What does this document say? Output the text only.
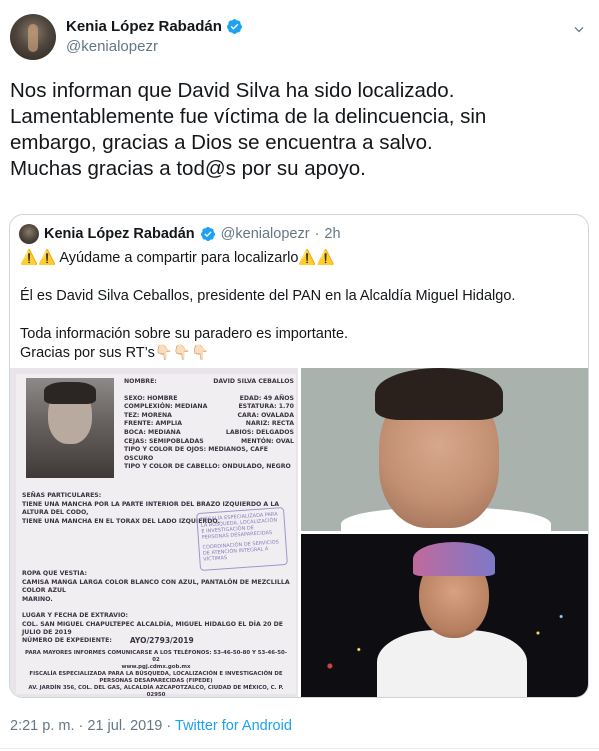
Kenia López Rabadán
@kenialopezr

Nos informan que David Silva ha sido localizado.

Lamentablemente fue víctima de la delincuencia, sin

embargo, gracias a Dios se encuentra a salvo.

Muchas gracias a tod@s por su apoyo.

Kenia López Rabadán @kenialopezr · 2h

⚠️⚠️ Ayúdame a compartir para localizarlo⚠️⚠️

Él es David Silva Ceballos, presidente del PAN en la Alcaldía Miguel Hidalgo.

Toda información sobre su paradero es importante.

Gracias por sus RT’s👇🏻👇🏻👇🏻

NOMBRE:	DAVID SILVA CEBALLOS
SEXO: HOMBRE	EDAD: 49 AÑOS
COMPLEXIÓN: MEDIANA	ESTATURA: 1.70
TEZ: MORENA	CARA: OVALADA
FRENTE: AMPLIA	NARIZ: RECTA
BOCA: MEDIANA	LABIOS: DELGADOS
CEJAS: SEMIPOBLADAS	MENTÓN: OVAL
TIPO Y COLOR DE OJOS: MEDIANOS, CAFE OSCURO
TIPO Y COLOR DE CABELLO: ONDULADO, NEGRO
SEÑAS PARTICULARES:
TIENE UNA MANCHA POR LA PARTE INTERIOR DEL BRAZO IZQUIERDO A LA ALTURA DEL CODO,
TIENE UNA MANCHA EN EL TORAX DEL LADO IZQUIERDO.
FISCALÍA ESPECIALIZADA PARA LA BÚSQUEDA, LOCALIZACIÓN E INVESTIGACIÓN DE PERSONAS DESAPARECIDAS
COORDINACIÓN DE SERVICIOS DE ATENCIÓN INTEGRAL A VÍCTIMAS
ROPA QUE VESTIA:
CAMISA MANGA LARGA COLOR BLANCO CON AZUL, PANTALÓN DE MEZCLILLA COLOR AZUL
MARINO.
LUGAR Y FECHA DE EXTRAVIO:
COL. SAN MIGUEL CHAPULTEPEC ALCALDÍA, MIGUEL HIDALGO EL DÍA 20 DE JULIO DE 2019
NÚMERO DE EXPEDIENTE: AYO/2793/2019
PARA MAYORES INFORMES COMUNICARSE A LOS TELÉFONOS: 53-46-50-80 Y 53-46-50-02
www.pgj.cdmx.gob.mx
FISCALÍA ESPECIALIZADA PARA LA BÚSQUEDA, LOCALIZACIÓN E INVESTIGACIÓN DE
PERSONAS DESAPARECIDAS (FIPEDE)
AV. JARDÍN 356, COL. DEL GAS, ALCALDÍA AZCAPOTZALCO, CIUDAD DE MÉXICO, C. P. 02950
2:21 p. m. · 21 jul. 2019 · Twitter for Android
